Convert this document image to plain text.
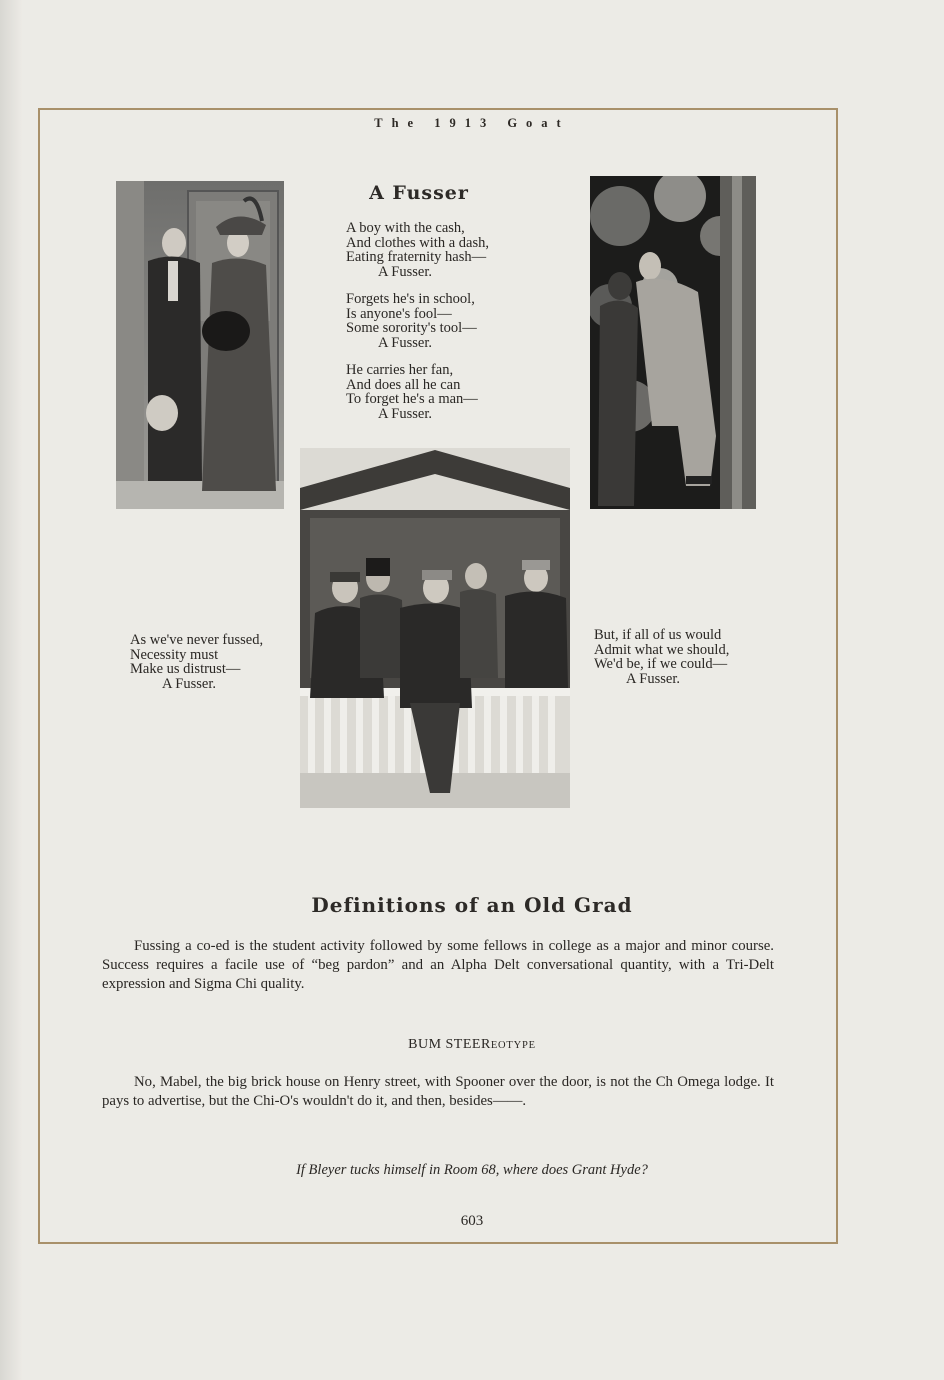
The 1913 Goat
A Fusser
A boy with the cash,
And clothes with a dash,
Eating fraternity hash—
A Fusser.
Forgets he's in school,
Is anyone's fool—
Some sorority's tool—
A Fusser.
He carries her fan,
And does all he can
To forget he's a man—
A Fusser.
As we've never fussed,
Necessity must
Make us distrust—
A Fusser.
But, if all of us would
Admit what we should,
We'd be, if we could—
A Fusser.
Definitions of an Old Grad

Fussing a co-ed is the student activity followed by some fellows in college as a major and minor course. Success requires a facile use of “beg pardon” and an Alpha Delt conversational quantity, with a Tri-Delt expression and Sigma Chi quality.

BUM STEEREOTYPE

No, Mabel, the big brick house on Henry street, with Spooner over the door, is not the Ch Omega lodge. It pays to advertise, but the Chi-O's wouldn't do it, and then, besides——.

If Bleyer tucks himself in Room 68, where does Grant Hyde?
603
